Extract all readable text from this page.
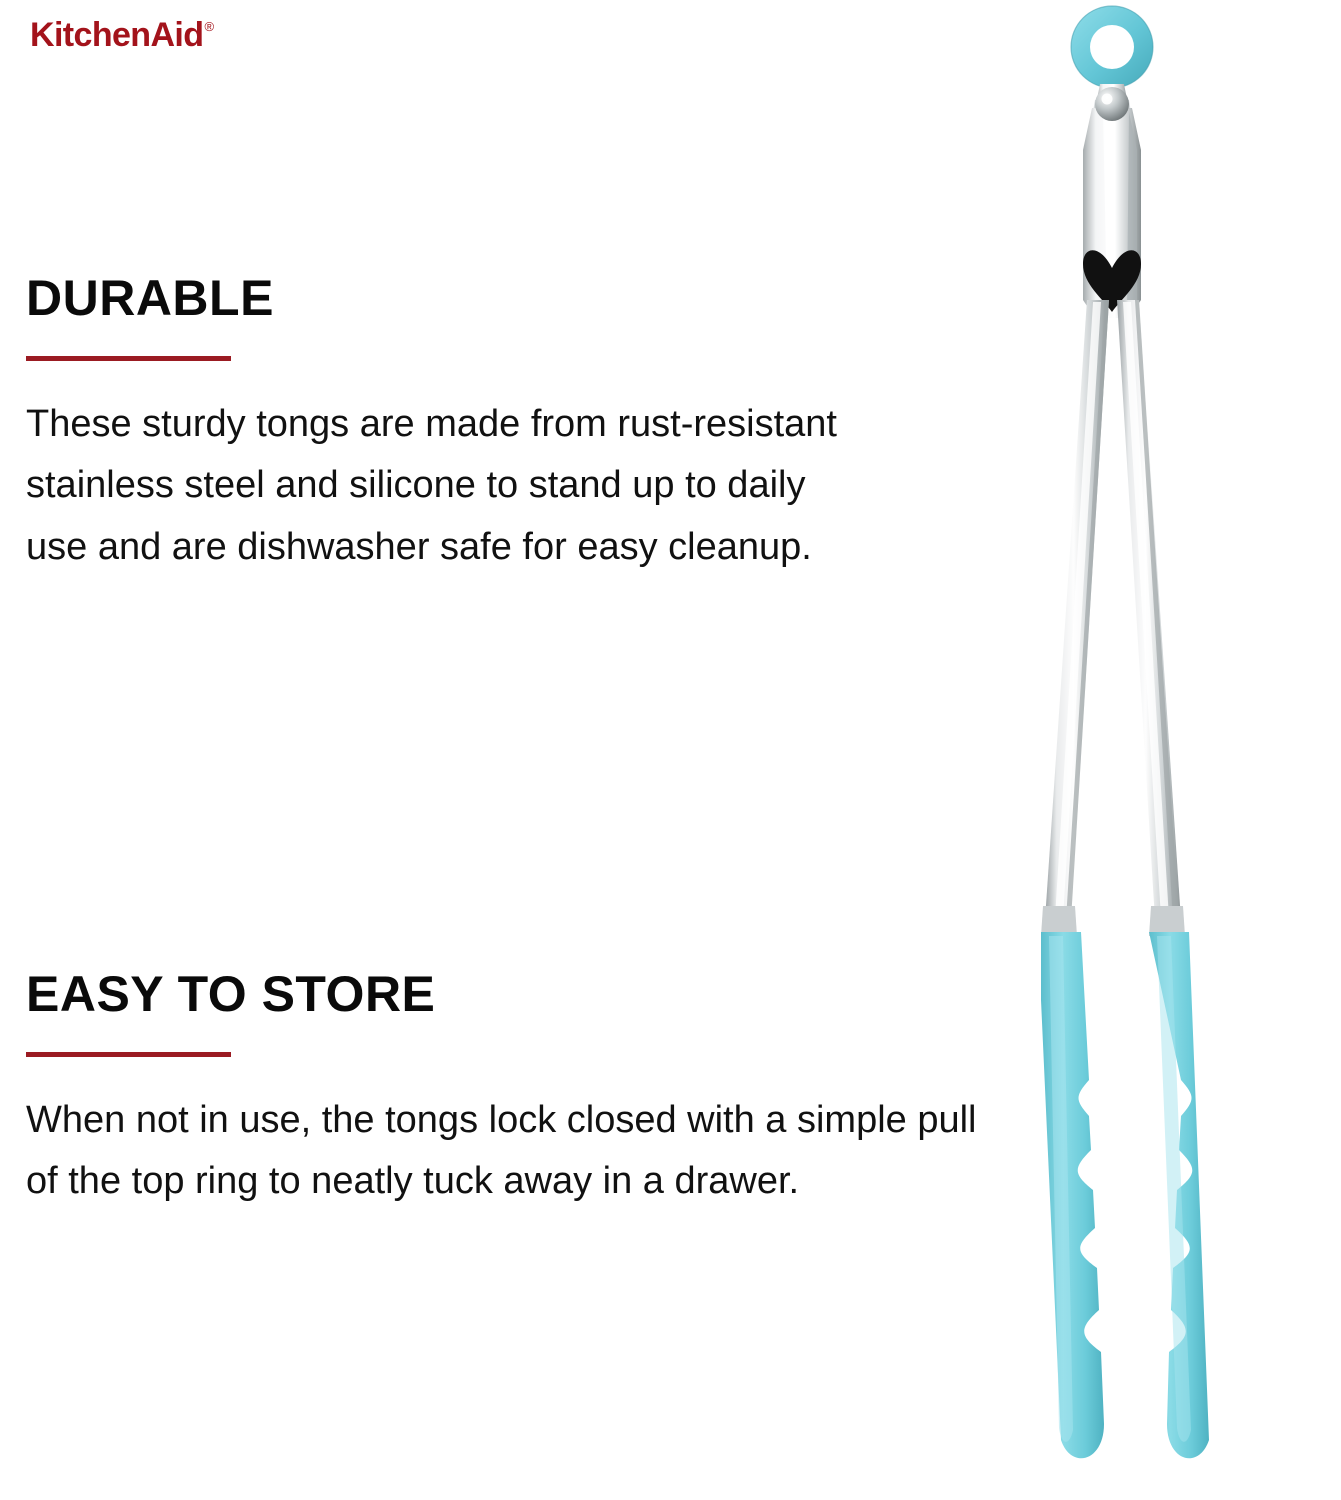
KitchenAid ®
DURABLE

These sturdy tongs are made from rust-resistant stainless steel and silicone to stand up to daily use and are dishwasher safe for easy cleanup.

EASY TO STORE

When not in use, the tongs lock closed with a simple pull of the top ring to neatly tuck away in a drawer.
